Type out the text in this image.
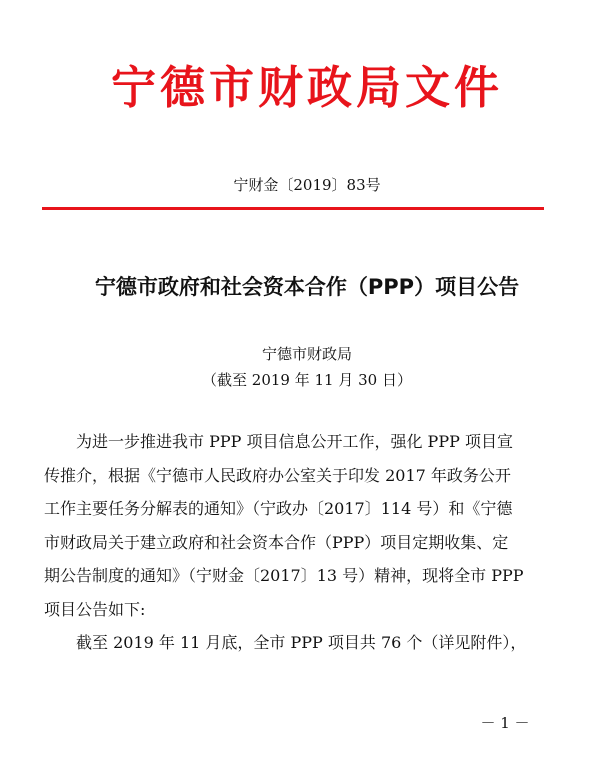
宁德市财政局文件
宁财金〔2019〕83号
宁德市政府和社会资本合作（PPP）项目公告
宁德市财政局
（截至 2019 年 11 月 30 日）
　　为进一步推进我市 PPP 项目信息公开工作，强化 PPP 项目宣
传推介，根据《宁德市人民政府办公室关于印发 2017 年政务公开
工作主要任务分解表的通知》（宁政办〔2017〕114 号）和《宁德
市财政局关于建立政府和社会资本合作（PPP）项目定期收集、定
期公告制度的通知》（宁财金〔2017〕13 号）精神，现将全市 PPP
项目公告如下:
　　截至 2019 年 11 月底，全市 PPP 项目共 76 个（详见附件），
－ 1 －
